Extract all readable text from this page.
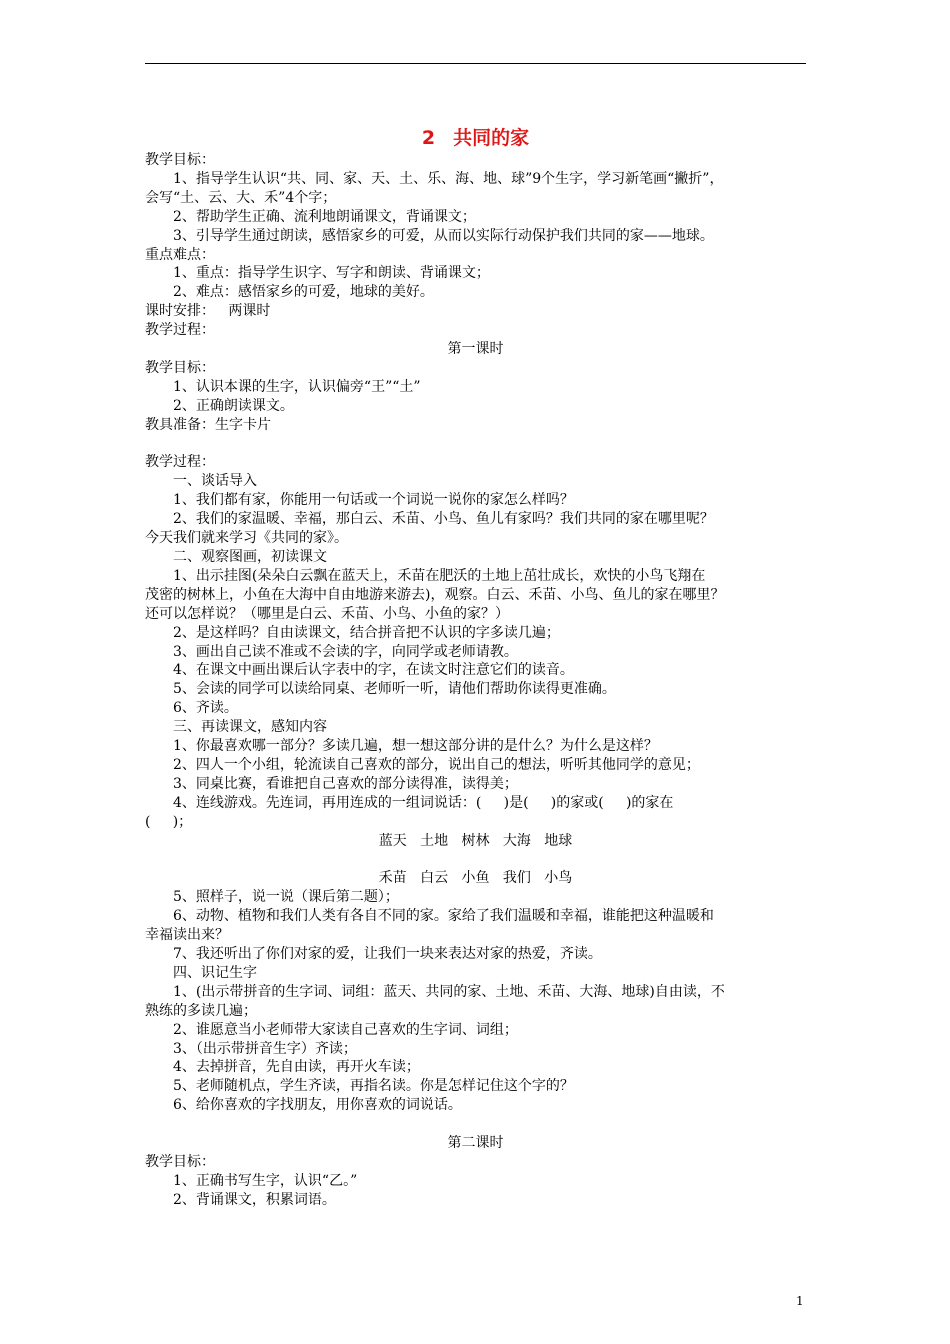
2 共同的家
教学目标：
1、指导学生认识“共、同、家、天、土、乐、海、地、球”9个生字，学习新笔画“撇折”，
会写“土、云、大、禾”4个字；
2、帮助学生正确、流利地朗诵课文，背诵课文；
3、引导学生通过朗读，感悟家乡的可爱，从而以实际行动保护我们共同的家——地球。
重点难点：
1、重点：指导学生识字、写字和朗读、背诵课文；
2、难点：感悟家乡的可爱，地球的美好。
课时安排：   两课时
教学过程：
第一课时
教学目标：
1、认识本课的生字，认识偏旁“王”“土”
2、正确朗读课文。
教具准备：生字卡片
教学过程：
一、谈话导入
1、我们都有家，你能用一句话或一个词说一说你的家怎么样吗？
2、我们的家温暖、幸福，那白云、禾苗、小鸟、鱼儿有家吗？我们共同的家在哪里呢？
今天我们就来学习《共同的家》。
二、观察图画，初读课文
1、出示挂图(朵朵白云飘在蓝天上，禾苗在肥沃的土地上茁壮成长，欢快的小鸟飞翔在
茂密的树林上，小鱼在大海中自由地游来游去)，观察。白云、禾苗、小鸟、鱼儿的家在哪里？
还可以怎样说？（哪里是白云、禾苗、小鸟、小鱼的家？）
2、是这样吗？自由读课文，结合拼音把不认识的字多读几遍；
3、画出自己读不准或不会读的字，向同学或老师请教。
4、在课文中画出课后认字表中的字，在读文时注意它们的读音。
5、会读的同学可以读给同桌、老师听一听，请他们帮助你读得更准确。
6、齐读。
三、再读课文，感知内容
1、你最喜欢哪一部分？多读几遍，想一想这部分讲的是什么？为什么是这样？
2、四人一个小组，轮流读自己喜欢的部分，说出自己的想法，听听其他同学的意见；
3、同桌比赛，看谁把自己喜欢的部分读得准，读得美；
4、连线游戏。先连词，再用连成的一组词说话：(     )是(     )的家或(     )的家在
(     )；
蓝天   土地   树林   大海   地球
禾苗   白云   小鱼   我们   小鸟
5、照样子，说一说（课后第二题）；
6、动物、植物和我们人类有各自不同的家。家给了我们温暖和幸福，谁能把这种温暖和
幸福读出来？
7、我还听出了你们对家的爱，让我们一块来表达对家的热爱，齐读。
四、识记生字
1、(出示带拼音的生字词、词组：蓝天、共同的家、土地、禾苗、大海、地球)自由读，不
熟练的多读几遍；
2、谁愿意当小老师带大家读自己喜欢的生字词、词组；
3、（出示带拼音生字）齐读；
4、去掉拼音，先自由读，再开火车读；
5、老师随机点，学生齐读，再指名读。你是怎样记住这个字的？
6、给你喜欢的字找朋友，用你喜欢的词说话。
第二课时
教学目标：
1、正确书写生字，认识“乙。”
2、背诵课文，积累词语。
1
